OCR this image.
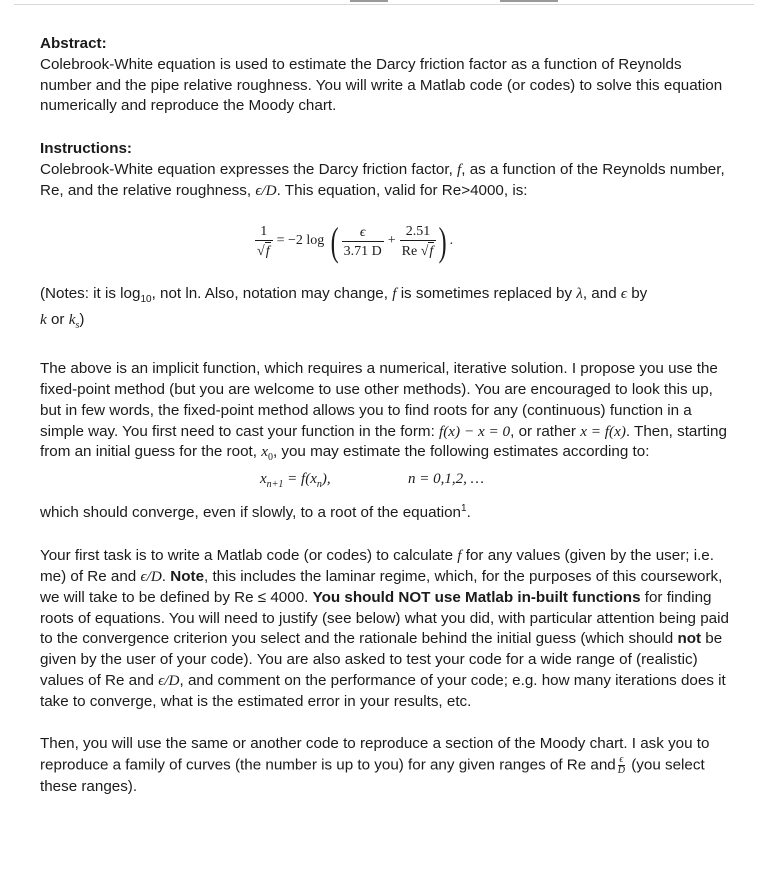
Abstract:

Colebrook-White equation is used to estimate the Darcy friction factor as a function of Reynolds number and the pipe relative roughness. You will write a Matlab code (or codes) to solve this equation numerically and reproduce the Moody chart.

Instructions:

Colebrook-White equation expresses the Darcy friction factor, f, as a function of the Reynolds number, Re, and the relative roughness, ϵ/D. This equation, valid for Re>4000, is:

$\frac{1}{√f} = -2$ log ( $\frac{\epsilon}{3.71 D} + \frac{2.51}{Re √f}$ ) .

(Notes: it is $\log_{10}$, not ln. Also, notation may change, f is sometimes replaced by λ, and ϵ by
k or $k_s$)

The above is an implicit function, which requires a numerical, iterative solution. I propose you use the fixed-point method (but you are welcome to use other methods). You are encouraged to look this up, but in few words, the fixed-point method allows you to find roots for any (continuous) function in a simple way. You first need to cast your function in the form: f(x) − x = 0, or rather x = f(x). Then, starting from an initial guess for the root, $x_0$, you may estimate the following estimates according to:

$x_{n+1} = f(x_n)$,	n = 0,1,2, …

which should converge, even if slowly, to a root of the equation$^1$.

Your first task is to write a Matlab code (or codes) to calculate f for any values (given by the user; i.e. me) of Re and ϵ/D. Note, this includes the laminar regime, which, for the purposes of this coursework, we will take to be defined by Re ≤ 4000. You should NOT use Matlab in-built functions for finding roots of equations. You will need to justify (see below) what you did, with particular attention being paid to the convergence criterion you select and the rationale behind the initial guess (which should not be given by the user of your code). You are also asked to test your code for a wide range of (realistic) values of Re and ϵ/D, and comment on the performance of your code; e.g. how many iterations does it take to converge, what is the estimated error in your results, etc.

Then, you will use the same or another code to reproduce a section of the Moody chart. I ask you to reproduce a family of curves (the number is up to you) for any given ranges of Re and $\frac{\epsilon}{D} (you$ select these ranges).
